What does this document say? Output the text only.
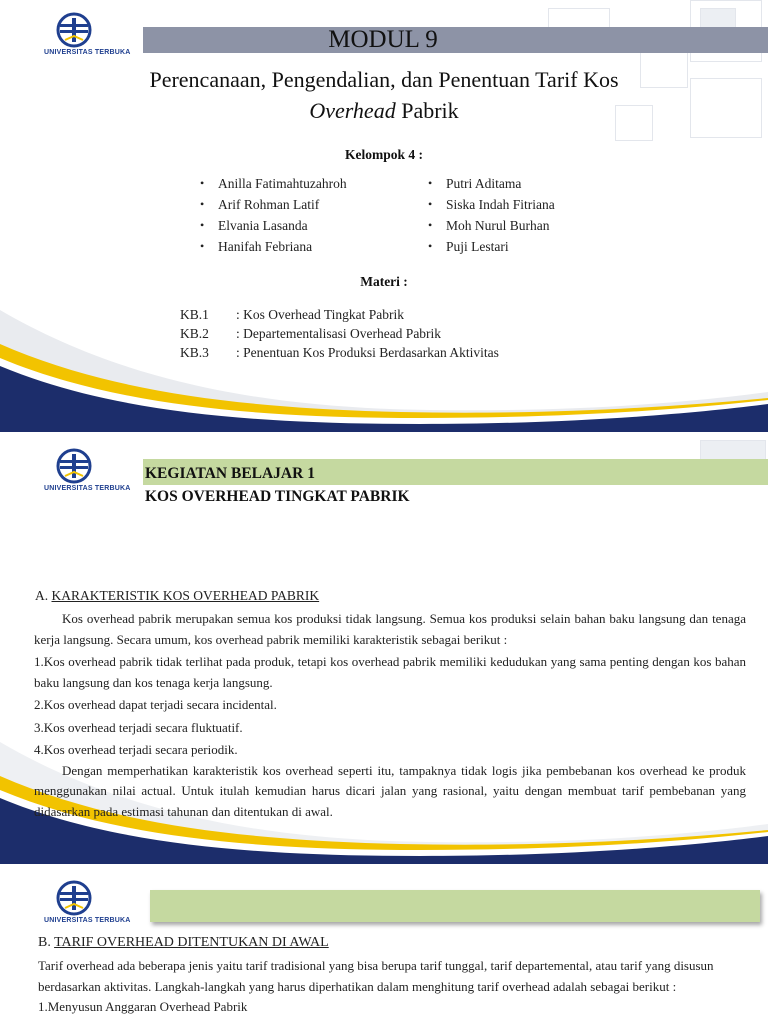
UNIVERSITAS TERBUKA	MODUL 9
Perencanaan, Pengendalian, dan Penentuan Tarif Kos
Overhead Pabrik
Kelompok 4 :
• Anilla Fatimahtuzahroh
• Arif Rohman Latif
• Elvania Lasanda
• Hanifah Febriana
• Putri Aditama
• Siska Indah Fitriana
• Moh Nurul Burhan
• Puji Lestari
Materi :
KB.1	: Kos Overhead Tingkat Pabrik
KB.2	: Departementalisasi Overhead Pabrik
KB.3	: Penentuan Kos Produksi Berdasarkan Aktivitas
UNIVERSITAS TERBUKA
KEGIATAN BELAJAR 1
KOS OVERHEAD TINGKAT PABRIK
A. KARAKTERISTIK KOS OVERHEAD PABRIK

Kos overhead pabrik merupakan semua kos produksi tidak langsung. Semua kos produksi selain bahan baku langsung dan tenaga kerja langsung. Secara umum, kos overhead pabrik memiliki karakteristik sebagai berikut :

1.Kos overhead pabrik tidak terlihat pada produk, tetapi kos overhead pabrik memiliki kedudukan yang sama penting dengan kos bahan baku langsung dan kos tenaga kerja langsung.

2.Kos overhead dapat terjadi secara incidental.

3.Kos overhead terjadi secara fluktuatif.

4.Kos overhead terjadi secara periodik.

Dengan memperhatikan karakteristik kos overhead seperti itu, tampaknya tidak logis jika pembebanan kos overhead ke produk menggunakan nilai actual. Untuk itulah kemudian harus dicari jalan yang rasional, yaitu dengan membuat tarif pembebanan yang didasarkan pada estimasi tahunan dan ditentukan di awal.

UNIVERSITAS TERBUKA
B. TARIF OVERHEAD DITENTUKAN DI AWAL

Tarif overhead ada beberapa jenis yaitu tarif tradisional yang bisa berupa tarif tunggal, tarif departemental, atau tarif yang disusun berdasarkan aktivitas. Langkah-langkah yang harus diperhatikan dalam menghitung tarif overhead adalah sebagai berikut :

1.Menyusun Anggaran Overhead Pabrik
